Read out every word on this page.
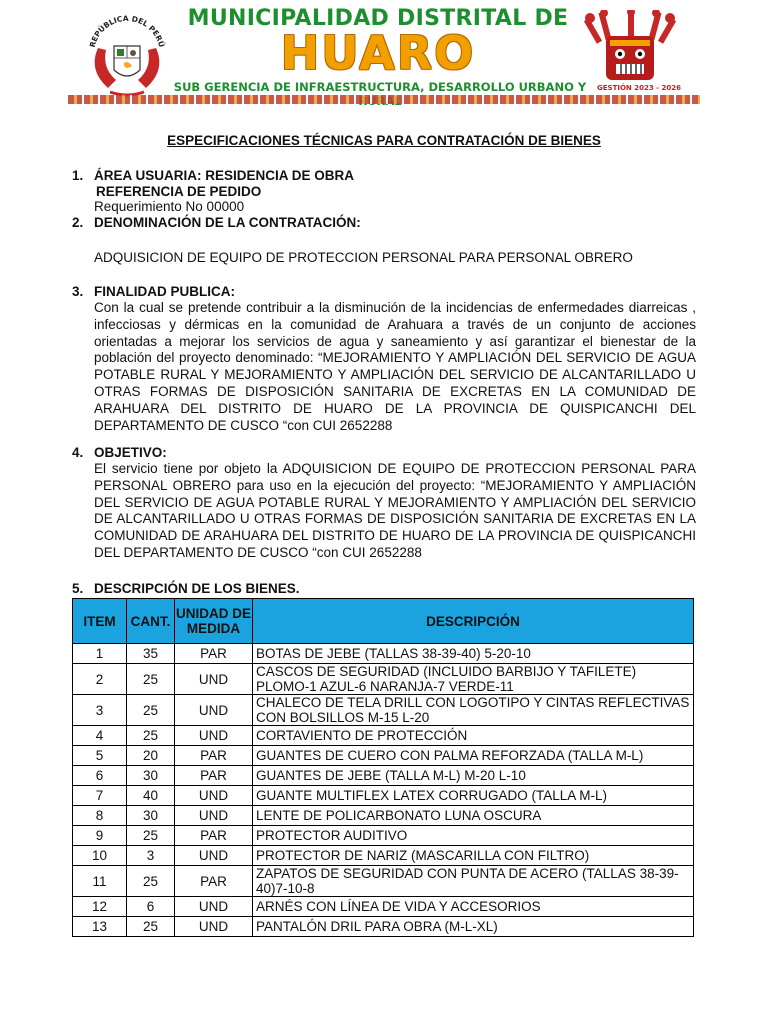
REPÚBLICA DEL PERÚ
MUNICIPALIDAD DISTRITAL DE
HUARO
SUB GERENCIA DE INFRAESTRUCTURA, DESARROLLO URBANO Y	GESTIÓN 2023 - 2026
ESPECIFICACIONES TÉCNICAS PARA CONTRATACIÓN DE BIENES
1. ÁREA USUARIA: RESIDENCIA DE OBRA
REFERENCIA DE PEDIDO
Requerimiento No 00000
2. DENOMINACIÓN DE LA CONTRATACIÓN:
ADQUISICION DE EQUIPO DE PROTECCION PERSONAL PARA PERSONAL OBRERO
3. FINALIDAD PUBLICA:
Con la cual se pretende contribuir a la disminución de la incidencias de enfermedades diarreicas , infecciosas y dérmicas en la comunidad de Arahuara a través de un conjunto de acciones orientadas a mejorar los servicios de agua y saneamiento y así garantizar el bienestar de la población del proyecto denominado: “MEJORAMIENTO Y AMPLIACIÓN DEL SERVICIO DE AGUA POTABLE RURAL Y MEJORAMIENTO Y AMPLIACIÓN DEL SERVICIO DE ALCANTARILLADO U OTRAS FORMAS DE DISPOSICIÓN SANITARIA DE EXCRETAS EN LA COMUNIDAD DE ARAHUARA DEL DISTRITO DE HUARO DE LA PROVINCIA DE QUISPICANCHI DEL DEPARTAMENTO DE CUSCO “con CUI 2652288
4. OBJETIVO:
El servicio tiene por objeto la ADQUISICION DE EQUIPO DE PROTECCION PERSONAL PARA PERSONAL OBRERO para uso en la ejecución del proyecto: “MEJORAMIENTO Y AMPLIACIÓN DEL SERVICIO DE AGUA POTABLE RURAL Y MEJORAMIENTO Y AMPLIACIÓN DEL SERVICIO DE ALCANTARILLADO U OTRAS FORMAS DE DISPOSICIÓN SANITARIA DE EXCRETAS EN LA COMUNIDAD DE ARAHUARA DEL DISTRITO DE HUARO DE LA PROVINCIA DE QUISPICANCHI DEL DEPARTAMENTO DE CUSCO “con CUI 2652288
5. DESCRIPCIÓN DE LOS BIENES.
ITEM	CANT.	UNIDAD DE MEDIDA	DESCRIPCIÓN
1	35	PAR	BOTAS DE JEBE (TALLAS 38-39-40) 5-20-10
2	25	UND	CASCOS DE SEGURIDAD (INCLUIDO BARBIJO Y TAFILETE) PLOMO-1 AZUL-6 NARANJA-7 VERDE-11
3	25	UND	CHALECO DE TELA DRILL CON LOGOTIPO Y CINTAS REFLECTIVAS CON BOLSILLOS M-15 L-20
4	25	UND	CORTAVIENTO DE PROTECCIÓN
5	20	PAR	GUANTES DE CUERO CON PALMA REFORZADA (TALLA M-L)
6	30	PAR	GUANTES DE JEBE (TALLA M-L) M-20 L-10
7	40	UND	GUANTE MULTIFLEX LATEX CORRUGADO (TALLA M-L)
8	30	UND	LENTE DE POLICARBONATO LUNA OSCURA
9	25	PAR	PROTECTOR AUDITIVO
10	3	UND	PROTECTOR DE NARIZ (MASCARILLA CON FILTRO)
11	25	PAR	ZAPATOS DE SEGURIDAD CON PUNTA DE ACERO (TALLAS 38-39-40)7-10-8
12	6	UND	ARNÉS CON LÍNEA DE VIDA Y ACCESORIOS
13	25	UND	PANTALÓN DRIL PARA OBRA (M-L-XL)
